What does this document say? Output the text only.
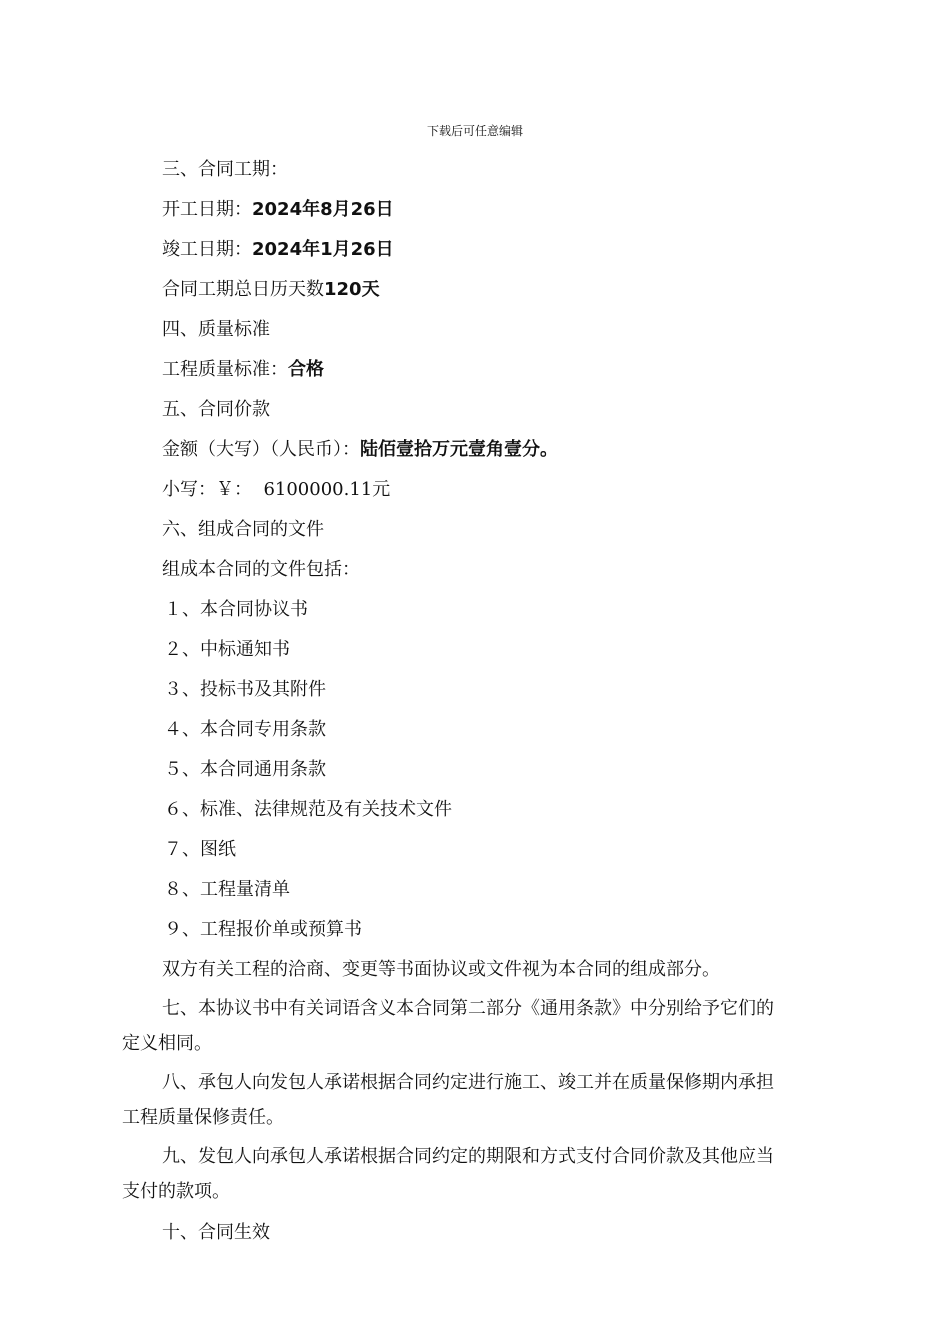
下载后可任意编辑
三、合同工期：
开工日期：2024年8月26日
竣工日期：2024年1月26日
合同工期总日历天数120天
四、质量标准
工程质量标准：合格
五、合同价款
金额（大写）（人民币）：陆佰壹拾万元壹角壹分。
小写：￥： 6100000.11元
六、组成合同的文件
组成本合同的文件包括：
１、本合同协议书
２、中标通知书
３、投标书及其附件
４、本合同专用条款
５、本合同通用条款
６、标准、法律规范及有关技术文件
７、图纸
８、工程量清单
９、工程报价单或预算书
双方有关工程的洽商、变更等书面协议或文件视为本合同的组成部分。
七、本协议书中有关词语含义本合同第二部分《通用条款》中分别给予它们的定义相同。
八、承包人向发包人承诺根据合同约定进行施工、竣工并在质量保修期内承担工程质量保修责任。
九、发包人向承包人承诺根据合同约定的期限和方式支付合同价款及其他应当支付的款项。
十、合同生效
